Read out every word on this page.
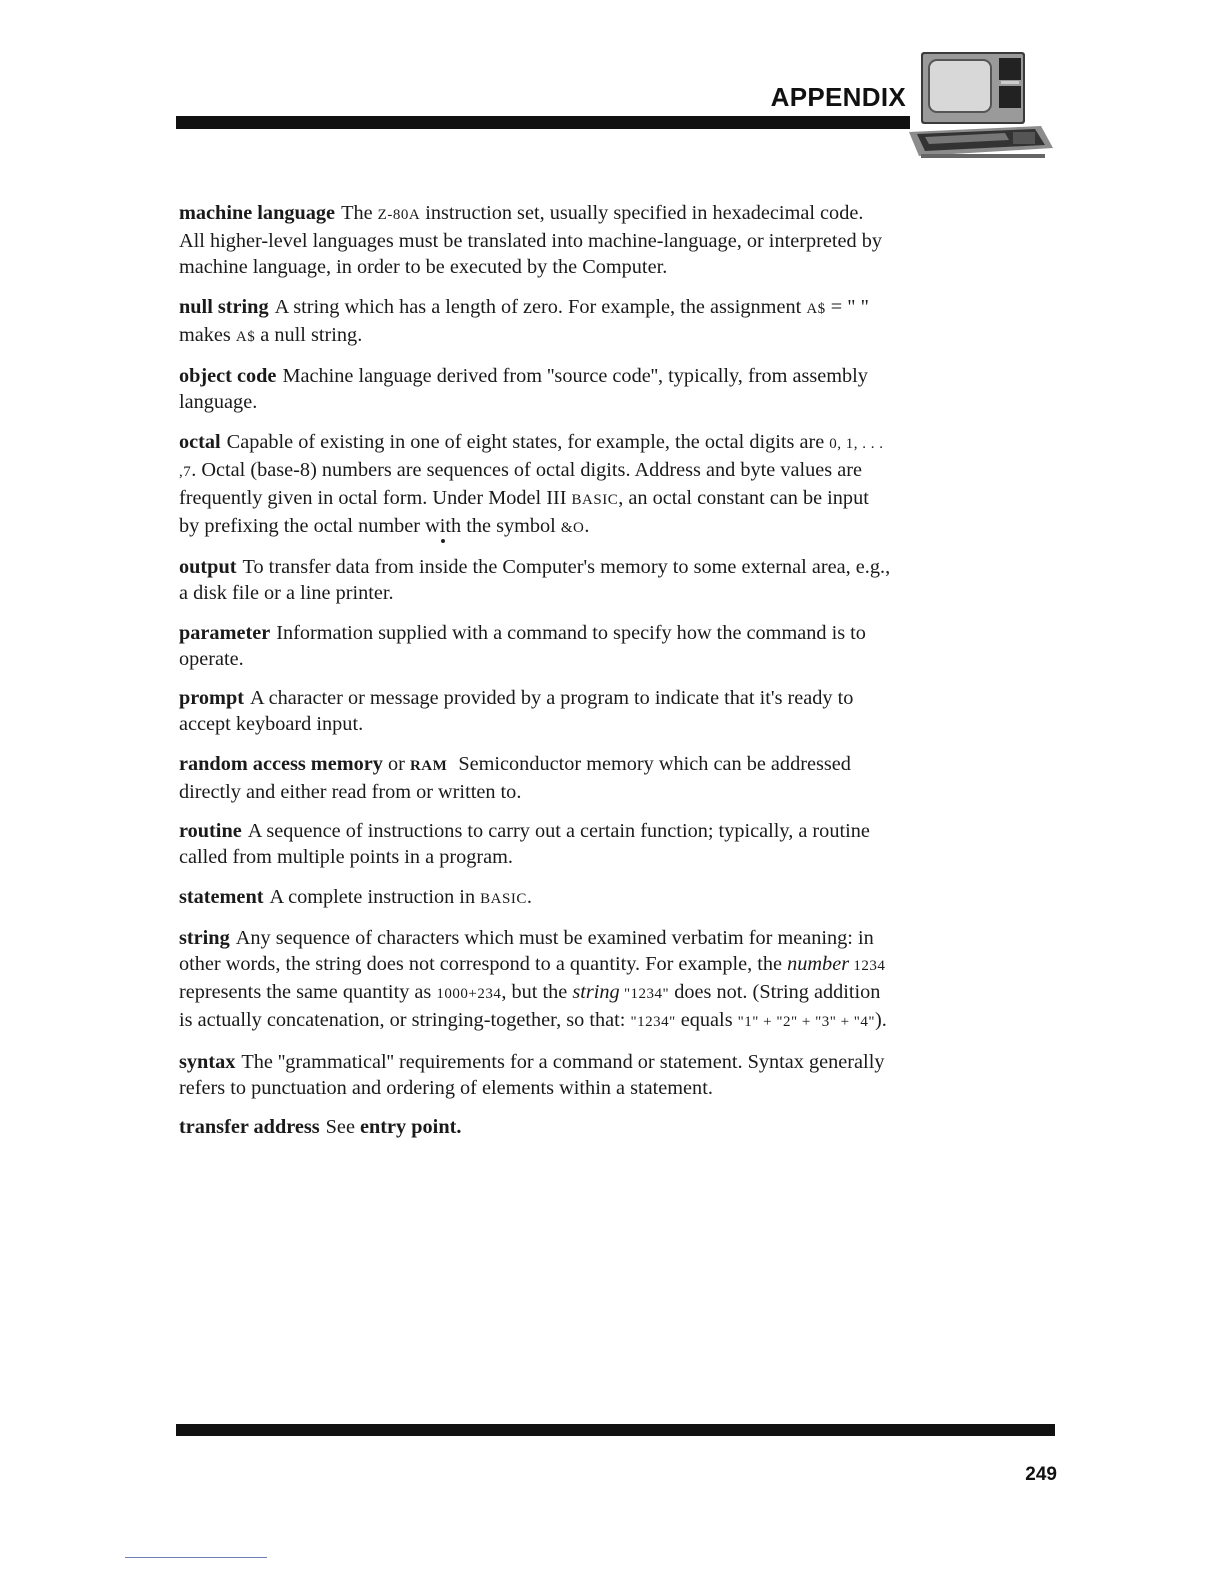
APPENDIX

machine language The Z-80A instruction set, usually specified in hexadecimal code. All higher-level languages must be translated into machine-language, or interpreted by machine language, in order to be executed by the Computer.

null string A string which has a length of zero. For example, the assignment A$ = " " makes A$ a null string.

object code Machine language derived from ''source code'', typically, from assembly language.

octal Capable of existing in one of eight states, for example, the octal digits are 0, 1, . . . ,7. Octal (base-8) numbers are sequences of octal digits. Address and byte values are frequently given in octal form. Under Model III BASIC, an octal constant can be input by prefixing the octal number with the symbol &O.

output To transfer data from inside the Computer's memory to some external area, e.g., a disk file or a line printer.

parameter Information supplied with a command to specify how the command is to operate.

prompt A character or message provided by a program to indicate that it's ready to accept keyboard input.

random access memory or RAM Semiconductor memory which can be addressed directly and either read from or written to.

routine A sequence of instructions to carry out a certain function; typically, a routine called from multiple points in a program.

statement A complete instruction in BASIC.

string Any sequence of characters which must be examined verbatim for meaning: in other words, the string does not correspond to a quantity. For example, the number 1234 represents the same quantity as 1000+234, but the string "1234" does not. (String addition is actually concatenation, or stringing-together, so that: "1234" equals "1" + "2" + "3" + "4").

syntax The ''grammatical'' requirements for a command or statement. Syntax generally refers to punctuation and ordering of elements within a statement.

transfer address See entry point.

249
